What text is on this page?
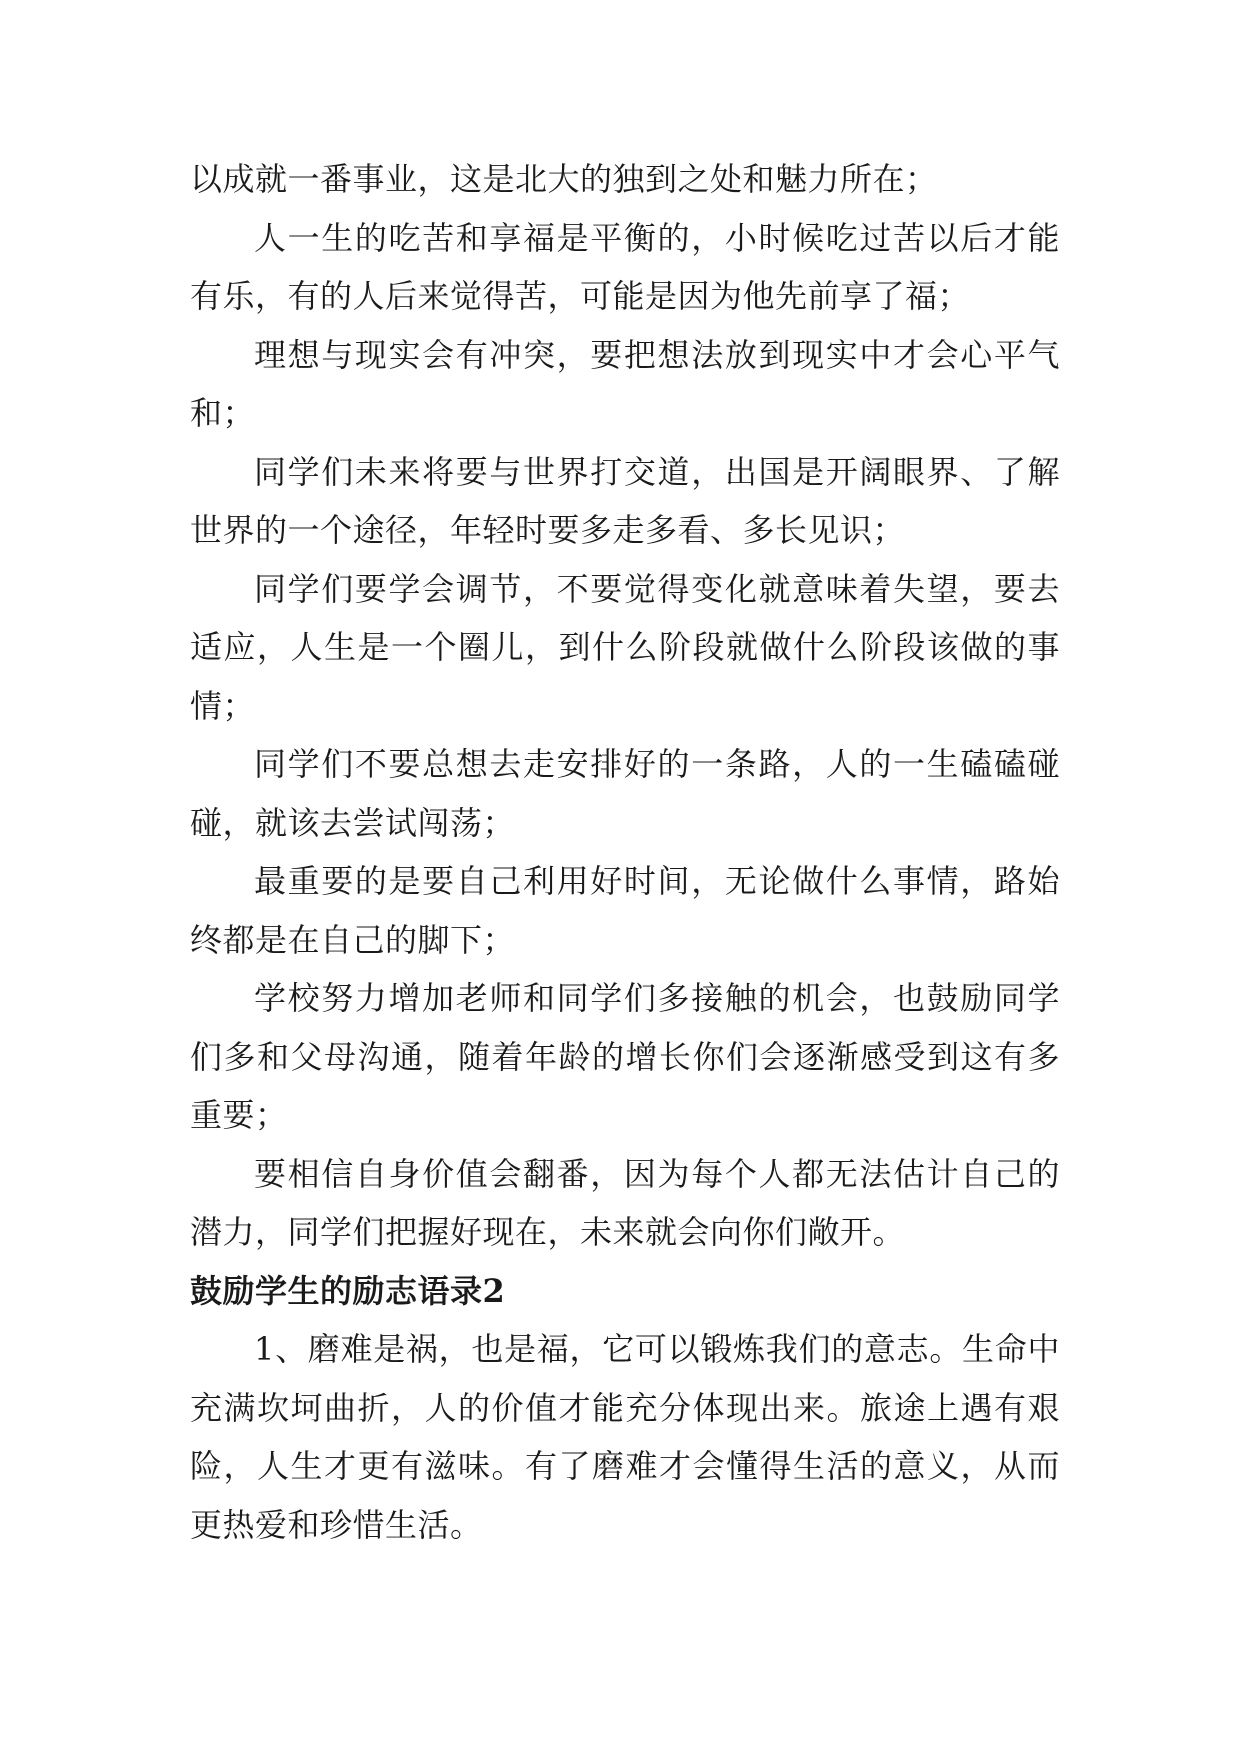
以成就一番事业，这是北大的独到之处和魅力所在；

人一生的吃苦和享福是平衡的，小时候吃过苦以后才能有乐，有的人后来觉得苦，可能是因为他先前享了福；

理想与现实会有冲突，要把想法放到现实中才会心平气和；

同学们未来将要与世界打交道，出国是开阔眼界、了解世界的一个途径，年轻时要多走多看、多长见识；

同学们要学会调节，不要觉得变化就意味着失望，要去适应，人生是一个圈儿，到什么阶段就做什么阶段该做的事情；

同学们不要总想去走安排好的一条路，人的一生磕磕碰碰，就该去尝试闯荡；

最重要的是要自己利用好时间，无论做什么事情，路始终都是在自己的脚下；

学校努力增加老师和同学们多接触的机会，也鼓励同学们多和父母沟通，随着年龄的增长你们会逐渐感受到这有多重要；

要相信自身价值会翻番，因为每个人都无法估计自己的潜力，同学们把握好现在，未来就会向你们敞开。

鼓励学生的励志语录2

1、磨难是祸，也是福，它可以锻炼我们的意志。生命中充满坎坷曲折，人的价值才能充分体现出来。旅途上遇有艰险，人生才更有滋味。有了磨难才会懂得生活的意义，从而更热爱和珍惜生活。
